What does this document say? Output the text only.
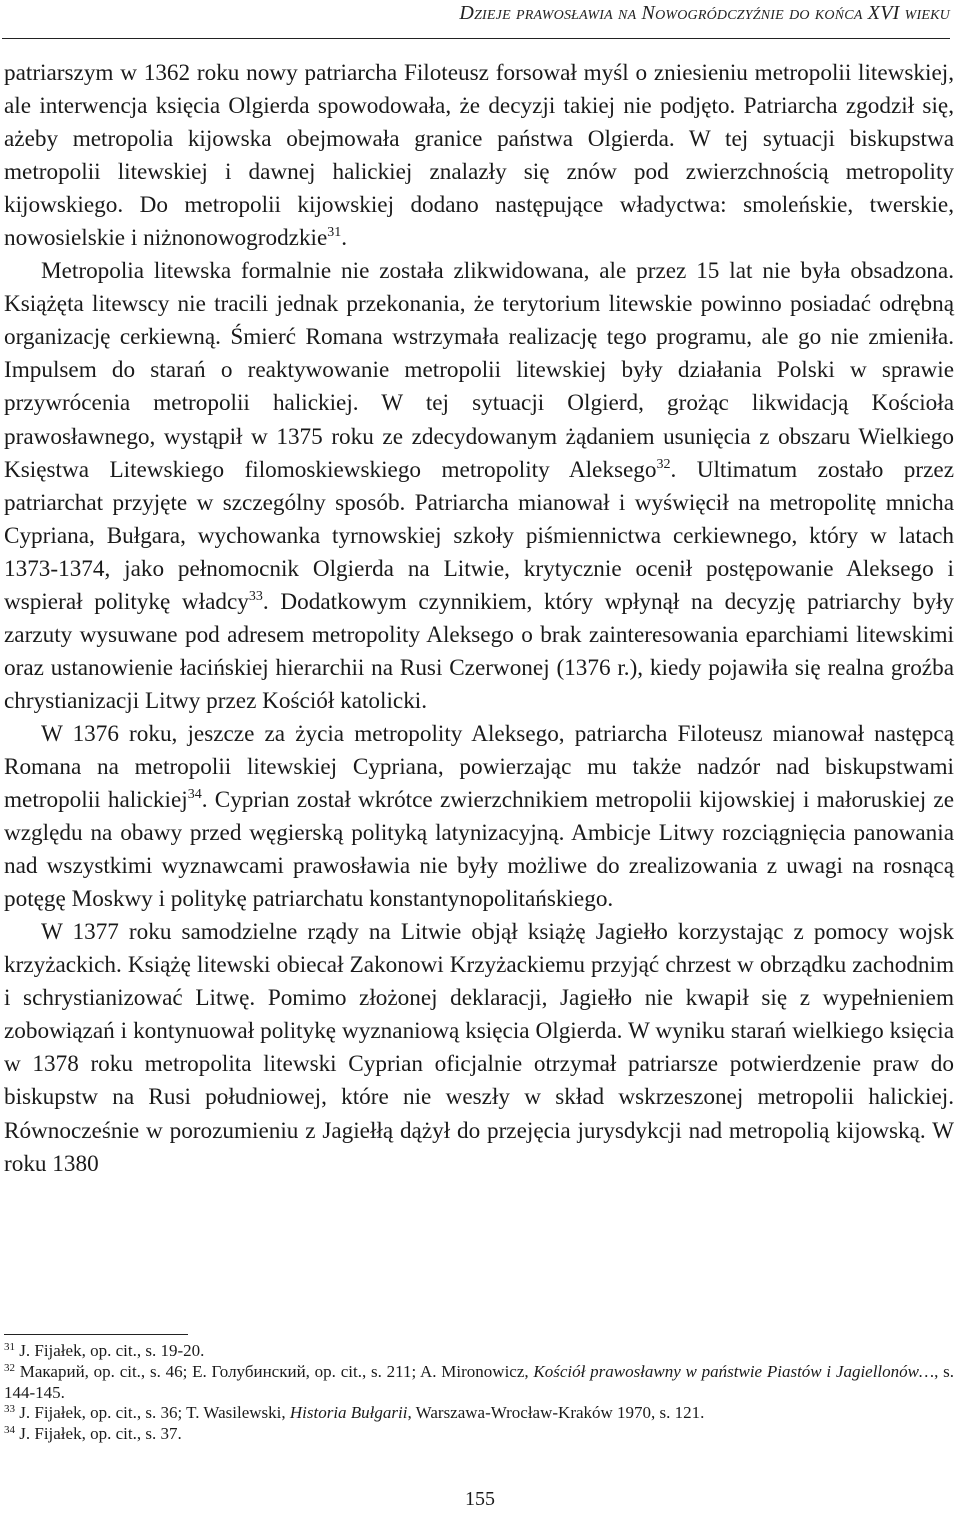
Dzieje prawosławia na Nowogródczyźnie do końca XVI wieku

patriarszym w 1362 roku nowy patriarcha Filoteusz forsował myśl o zniesieniu metropolii litewskiej, ale interwencja księcia Olgierda spowodowała, że decyzji takiej nie podjęto. Patriarcha zgodził się, ażeby metropolia kijowska obejmowała granice państwa Olgierda. W tej sytuacji biskupstwa metropolii litewskiej i dawnej halickiej znalazły się znów pod zwierzchnością metropolity kijowskiego. Do metropolii kijowskiej dodano następujące władyctwa: smoleńskie, twerskie, nowosielskie i niżnonowogrodzkie$^{31}$.

Metropolia litewska formalnie nie została zlikwidowana, ale przez 15 lat nie była obsadzona. Książęta litewscy nie tracili jednak przekonania, że terytorium litewskie powinno posiadać odrębną organizację cerkiewną. Śmierć Romana wstrzymała realizację tego programu, ale go nie zmieniła. Impulsem do starań o reaktywowanie metropolii litewskiej były działania Polski w sprawie przywrócenia metropolii halickiej. W tej sytuacji Olgierd, grożąc likwidacją Kościoła prawosławnego, wystąpił w 1375 roku ze zdecydowanym żądaniem usunięcia z obszaru Wielkiego Księstwa Litewskiego filomoskiewskiego metropolity Aleksego$^{32}$. Ultimatum zostało przez patriarchat przyjęte w szczególny sposób. Patriarcha mianował i wyświęcił na metropolitę mnicha Cypriana, Bułgara, wychowanka tyrnowskiej szkoły piśmiennictwa cerkiewnego, który w latach 1373-1374, jako pełnomocnik Olgierda na Litwie, krytycznie ocenił postępowanie Aleksego i wspierał politykę władcy$^{33}$. Dodatkowym czynnikiem, który wpłynął na decyzję patriarchy były zarzuty wysuwane pod adresem metropolity Aleksego o brak zainteresowania eparchiami litewskimi oraz ustanowienie łacińskiej hierarchii na Rusi Czerwonej (1376 r.), kiedy pojawiła się realna groźba chrystianizacji Litwy przez Kościół katolicki.

W 1376 roku, jeszcze za życia metropolity Aleksego, patriarcha Filoteusz mianował następcą Romana na metropolii litewskiej Cypriana, powierzając mu także nadzór nad biskupstwami metropolii halickiej$^{34}$. Cyprian został wkrótce zwierzchnikiem metropolii kijowskiej i małoruskiej ze względu na obawy przed węgierską polityką latynizacyjną. Ambicje Litwy rozciągnięcia panowania nad wszystkimi wyznawcami prawosławia nie były możliwe do zrealizowania z uwagi na rosnącą potęgę Moskwy i politykę patriarchatu konstantynopolitańskiego.

W 1377 roku samodzielne rządy na Litwie objął książę Jagiełło korzystając z pomocy wojsk krzyżackich. Książę litewski obiecał Zakonowi Krzyżackiemu przyjąć chrzest w obrządku zachodnim i schrystianizować Litwę. Pomimo złożonej deklaracji, Jagiełło nie kwapił się z wypełnieniem zobowiązań i kontynuował politykę wyznaniową księcia Olgierda. W wyniku starań wielkiego księcia w 1378 roku metropolita litewski Cyprian oficjalnie otrzymał patriarsze potwierdzenie praw do biskupstw na Rusi południowej, które nie weszły w skład wskrzeszonej metropolii halickiej. Równocześnie w porozumieniu z Jagiełłą dążył do przejęcia jurysdykcji nad metropolią kijowską. W roku 1380

$^{31}$ J. Fijałek, op. cit., s. 19-20.
$^{32}$ Макарий, op. cit., s. 46; E. Голубинский, op. cit., s. 211; A. Mironowicz, Kościół prawosławny w państwie Piastów i Jagiellonów…, s. 144-145.
$^{33}$ J. Fijałek, op. cit., s. 36; T. Wasilewski, Historia Bułgarii, Warszawa-Wrocław-Kraków 1970, s. 121.
$^{34}$ J. Fijałek, op. cit., s. 37.
155
